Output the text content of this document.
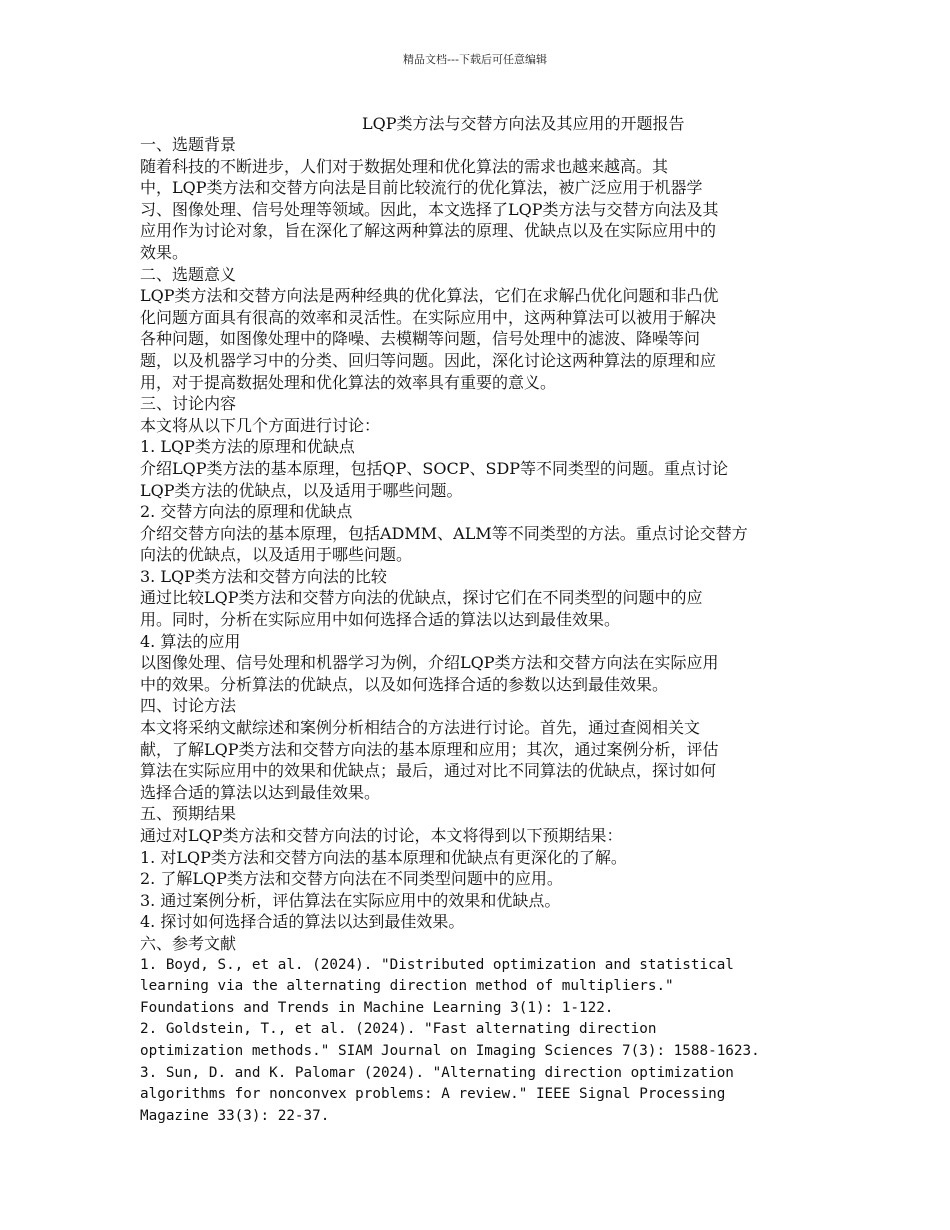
精品文档---下载后可任意编辑
LQP类方法与交替方向法及其应用的开题报告
一、选题背景
随着科技的不断进步，人们对于数据处理和优化算法的需求也越来越高。其
中，LQP类方法和交替方向法是目前比较流行的优化算法，被广泛应用于机器学
习、图像处理、信号处理等领域。因此，本文选择了LQP类方法与交替方向法及其
应用作为讨论对象，旨在深化了解这两种算法的原理、优缺点以及在实际应用中的
效果。
二、选题意义
LQP类方法和交替方向法是两种经典的优化算法，它们在求解凸优化问题和非凸优
化问题方面具有很高的效率和灵活性。在实际应用中，这两种算法可以被用于解决
各种问题，如图像处理中的降噪、去模糊等问题，信号处理中的滤波、降噪等问
题，以及机器学习中的分类、回归等问题。因此，深化讨论这两种算法的原理和应
用，对于提高数据处理和优化算法的效率具有重要的意义。
三、讨论内容
本文将从以下几个方面进行讨论：
1. LQP类方法的原理和优缺点
介绍LQP类方法的基本原理，包括QP、SOCP、SDP等不同类型的问题。重点讨论
LQP类方法的优缺点，以及适用于哪些问题。
2. 交替方向法的原理和优缺点
介绍交替方向法的基本原理，包括ADMM、ALM等不同类型的方法。重点讨论交替方
向法的优缺点，以及适用于哪些问题。
3. LQP类方法和交替方向法的比较
通过比较LQP类方法和交替方向法的优缺点，探讨它们在不同类型的问题中的应
用。同时，分析在实际应用中如何选择合适的算法以达到最佳效果。
4. 算法的应用
以图像处理、信号处理和机器学习为例，介绍LQP类方法和交替方向法在实际应用
中的效果。分析算法的优缺点，以及如何选择合适的参数以达到最佳效果。
四、讨论方法
本文将采纳文献综述和案例分析相结合的方法进行讨论。首先，通过查阅相关文
献，了解LQP类方法和交替方向法的基本原理和应用；其次，通过案例分析，评估
算法在实际应用中的效果和优缺点；最后，通过对比不同算法的优缺点，探讨如何
选择合适的算法以达到最佳效果。
五、预期结果
通过对LQP类方法和交替方向法的讨论，本文将得到以下预期结果：
1. 对LQP类方法和交替方向法的基本原理和优缺点有更深化的了解。
2. 了解LQP类方法和交替方向法在不同类型问题中的应用。
3. 通过案例分析，评估算法在实际应用中的效果和优缺点。
4. 探讨如何选择合适的算法以达到最佳效果。
六、参考文献
1. Boyd, S., et al. (2024). "Distributed optimization and statistical
learning via the alternating direction method of multipliers."
Foundations and Trends in Machine Learning 3(1): 1-122.
2. Goldstein, T., et al. (2024). "Fast alternating direction
optimization methods." SIAM Journal on Imaging Sciences 7(3): 1588-1623.
3. Sun, D. and K. Palomar (2024). "Alternating direction optimization
algorithms for nonconvex problems: A review." IEEE Signal Processing
Magazine 33(3): 22-37.
